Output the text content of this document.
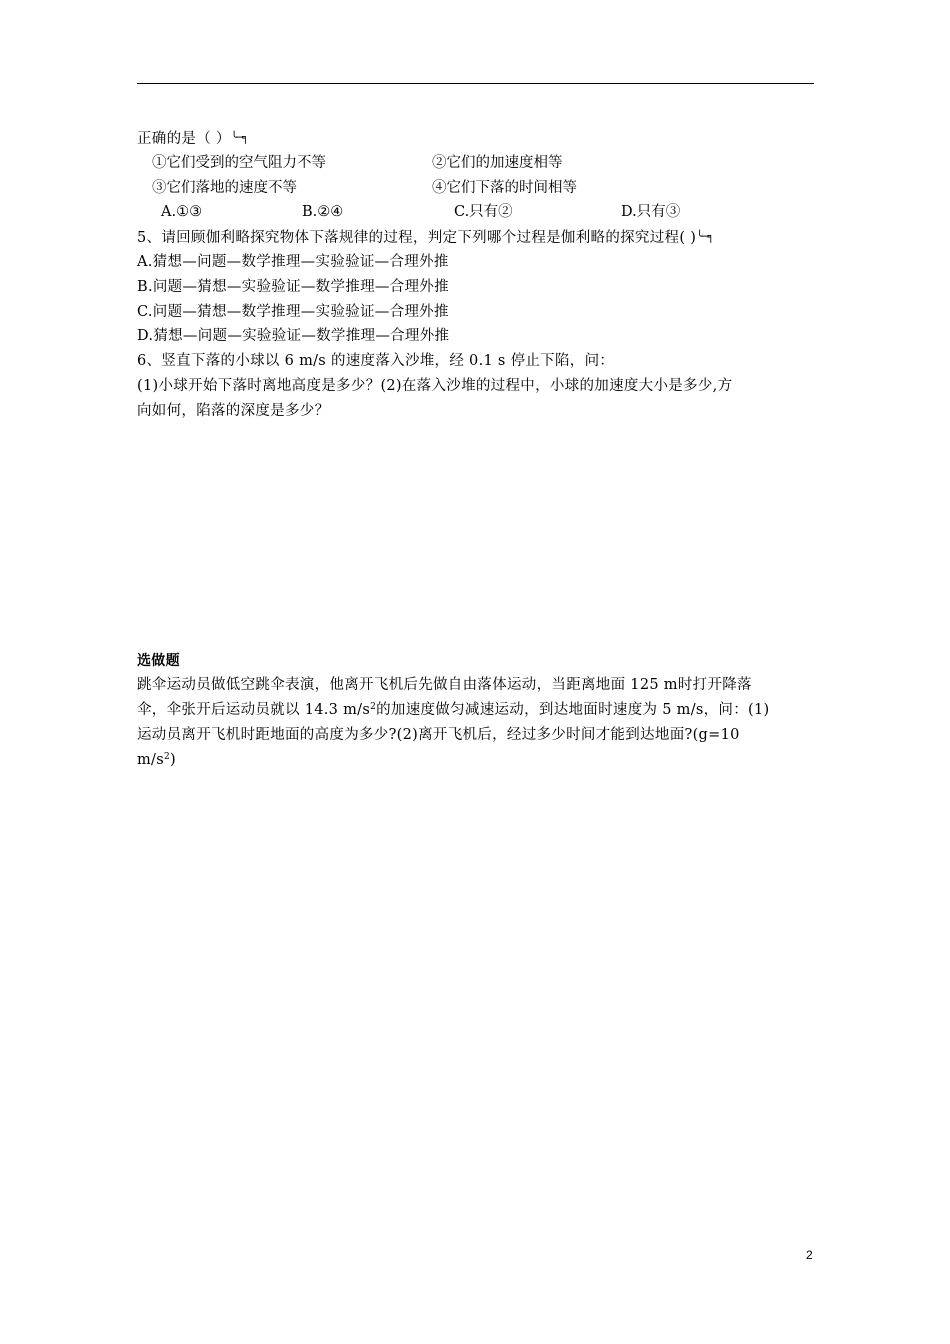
正确的是（ ）╰─╕
①它们受到的空气阻力不等	②它们的加速度相等
③它们落地的速度不等	④它们下落的时间相等
A.①③	B.②④	C.只有②	D.只有③
5、请回顾伽利略探究物体下落规律的过程，判定下列哪个过程是伽利略的探究过程( )╰─╕
A.猜想—问题—数学推理—实验验证—合理外推
B.问题—猜想—实验验证—数学推理—合理外推
C.问题—猜想—数学推理—实验验证—合理外推
D.猜想—问题—实验验证—数学推理—合理外推
6、竖直下落的小球以 6 m/s 的速度落入沙堆，经 0.1 s 停止下陷，问：
(1)小球开始下落时离地高度是多少？(2)在落入沙堆的过程中，小球的加速度大小是多少,方
向如何，陷落的深度是多少？
选做题
跳伞运动员做低空跳伞表演，他离开飞机后先做自由落体运动，当距离地面 125 m时打开降落
伞，伞张开后运动员就以 14.3 $m/s^2$的加速度做匀减速运动，到达地面时速度为 5 m/s，问：(1)
运动员离开飞机时距地面的高度为多少?(2)离开飞机后，经过多少时间才能到达地面?(g=10
$m/s^2$)
2
